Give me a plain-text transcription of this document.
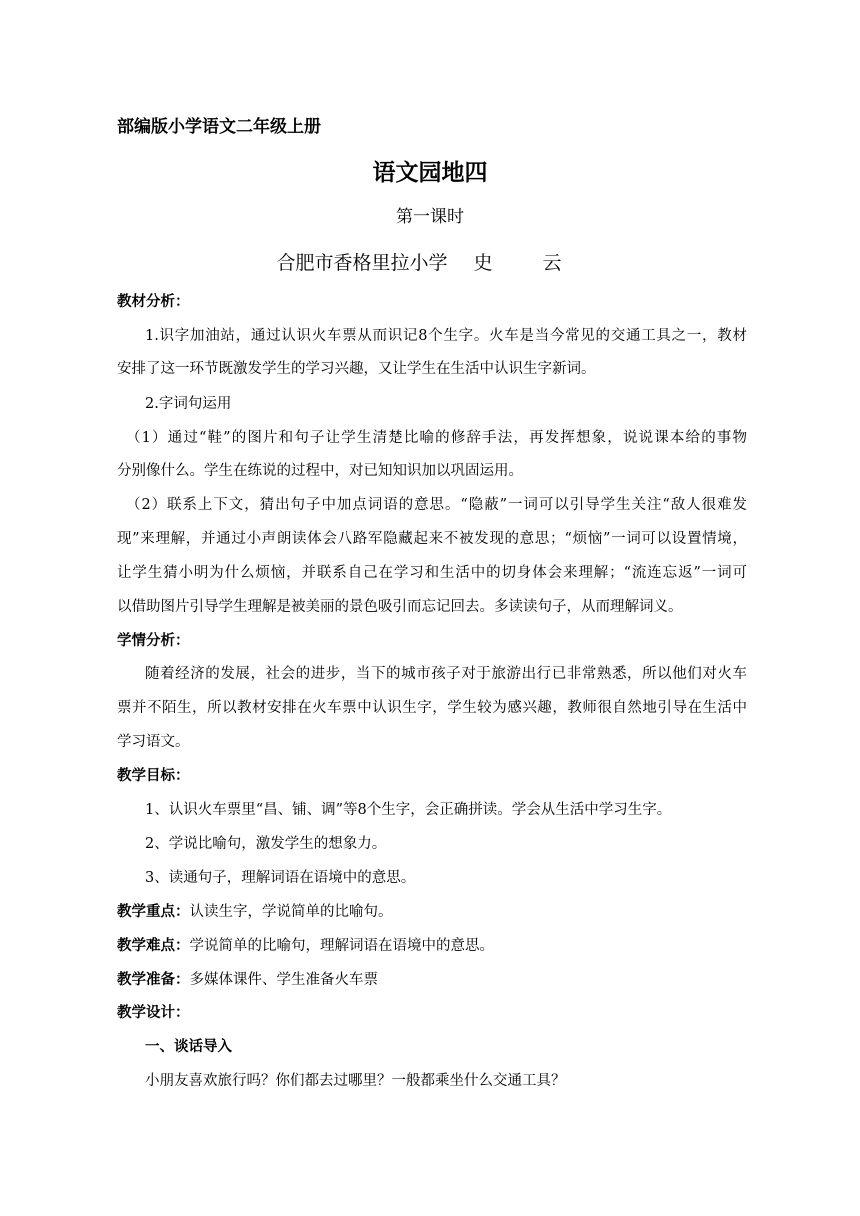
部编版小学语文二年级上册
语文园地四
第一课时
合肥市香格里拉小学 史 云
教材分析：
1.识字加油站，通过认识火车票从而识记8个生字。火车是当今常见的交通工具之一，教材
安排了这一环节既激发学生的学习兴趣，又让学生在生活中认识生字新词。
2.字词句运用
（1）通过“鞋”的图片和句子让学生清楚比喻的修辞手法，再发挥想象，说说课本给的事物
分别像什么。学生在练说的过程中，对已知知识加以巩固运用。
（2）联系上下文，猜出句子中加点词语的意思。“隐蔽”一词可以引导学生关注“敌人很难发
现”来理解，并通过小声朗读体会八路军隐藏起来不被发现的意思；“烦恼”一词可以设置情境，
让学生猜小明为什么烦恼，并联系自己在学习和生活中的切身体会来理解；“流连忘返”一词可
以借助图片引导学生理解是被美丽的景色吸引而忘记回去。多读读句子，从而理解词义。
学情分析：
随着经济的发展，社会的进步，当下的城市孩子对于旅游出行已非常熟悉，所以他们对火车
票并不陌生，所以教材安排在火车票中认识生字，学生较为感兴趣，教师很自然地引导在生活中
学习语文。
教学目标：
1、认识火车票里“昌、铺、调”等8个生字，会正确拼读。学会从生活中学习生字。
2、学说比喻句，激发学生的想象力。
3、读通句子，理解词语在语境中的意思。
教学重点：认读生字，学说简单的比喻句。
教学难点：学说简单的比喻句，理解词语在语境中的意思。
教学准备：多媒体课件、学生准备火车票
教学设计：
一、谈话导入
小朋友喜欢旅行吗？你们都去过哪里？一般都乘坐什么交通工具？
